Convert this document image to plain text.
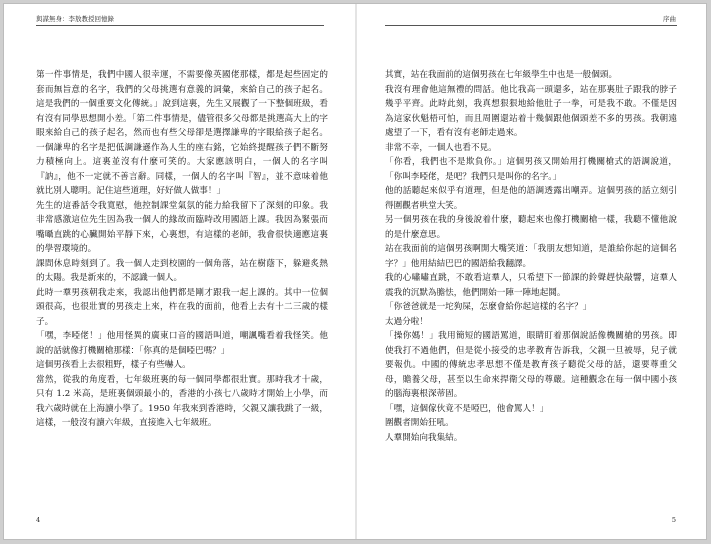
與謀無身：李敖教授回憶錄

第一件事情是，我們中國人很幸運，不需要像英國佬那樣，都是起些固定的套而無旨意的名字，我們的父母挑選有意義的詞彙，來給自己的孩子起名。這是我們的一個重要文化傳統。」說到這裏，先生又展觀了一下整個班級，看有沒有同學思想開小差。「第二件事情是，儘管很多父母都是挑選高大上的字眼來給自己的孩子起名，然而也有些父母卻是選擇謙卑的字眼給孩子起名。一個謙卑的名字是把低調謙遜作為人生的座右銘，它始終提醒孩子們不斷努力積極向上。這裏並沒有什麼可笑的。大家應該明白，一個人的名字叫『訥』，他不一定就不善言辭。同樣，一個人的名字叫『智』，並不意味着他就比別人聰明。記住這些道理，好好做人做事！」

先生的這番話令我寬慰，他控制課堂氣氛的能力給我留下了深刻的印象。我非常感激這位先生因為我一個人的緣故而臨時改用國語上課。我因為緊張而嘴囁直跳的心臟開始平靜下來，心裏想，有這樣的老師，我會很快適應這裏的學習環境的。

課間休息時刻到了。我一個人走到校園的一個角落，站在樹蔭下，躲避炙熱的太陽。我是新來的，不認識一個人。

此時一羣男孩朝我走來，我認出他們都是剛才跟我一起上課的。其中一位個頭很高，也很壯實的男孩走上來，杵在我的面前，他看上去有十二三歲的樣子。

「嘿，李啞佬！」他用怪異的廣東口音的國語叫道，嘲諷嘴看着我怪笑。他說的話就像打機關槍那樣：「你真的是個啞巴嗎？」

這個男孩看上去很粗野，樣子有些嚇人。

當然，從我的角度看，七年級班裏的每一個同學都很壯實。那時我才十歲，只有 1.2 米高，是班裏個頭最小的，香港的小孩七八歲時才開始上小學，而我六歲時就在上海讀小學了。1950 年我來到香港時，父親又讓我跳了一級，這樣，一般沒有讀六年級，直接進入七年級班。

4
序曲

其實，站在我面前的這個男孩在七年級學生中也是一般個頭。

我沒有理會他這無禮的問話。他比我高一頭還多，站在那裏肚子跟我的脖子幾乎平齊。此時此刻，我真想狠狠地給他肚子一拳，可是我不敢。不僅是因為這家伙魁梧可怕，而且周圍還站着十幾個跟他個頭差不多的男孩。我朝遠處望了一下，看有沒有老師走過來。

非常不幸，一個人也看不見。

「你看，我們也不是欺負你。」這個男孩又開始用打機關槍式的語調說道，「你叫李啞佬，是吧？我們只是叫你的名字。」

他的話聽起來似乎有道理，但是他的語調透露出嘲弄。這個男孩的話立刻引得圍觀者哄堂大笑。

另一個男孩在我的身後說着什麼，聽起來也像打機關槍一樣，我聽不懂他說的是什麼意思。

站在我面前的這個男孩啊開大嘴笑道：「我朋友想知道，是誰給你起的這個名字？」他用結結巴巴的國語給我翻譯。

我的心嘯嘯直跳，不敢看這羣人，只希望下一節課的鈴聲趕快敲響，這羣人震我的沉默為膽怯，他們開始一陣一陣地起鬨。

「你爸爸就是一坨狗屎，怎麼會給你起這樣的名字？」

太過分啦！

「操你媽！」我用簡短的國語罵道，眼睛盯着那個說話像機關槍的男孩。即使我打不過他們，但是從小接受的忠孝教育告訴我，父親一旦被辱，兒子就要報仇。中國的傳統忠孝思想不僅是教育孩子聽從父母的話，還要尊重父母，贍養父母，甚至以生命來捍衛父母的尊嚴。這種觀念在每一個中國小孩的腦海裏根深蒂固。

「嘿，這個傢伙竟不是啞巴，他會罵人！」

圍觀者開始狂吼。

人羣開始向我集結。

5
